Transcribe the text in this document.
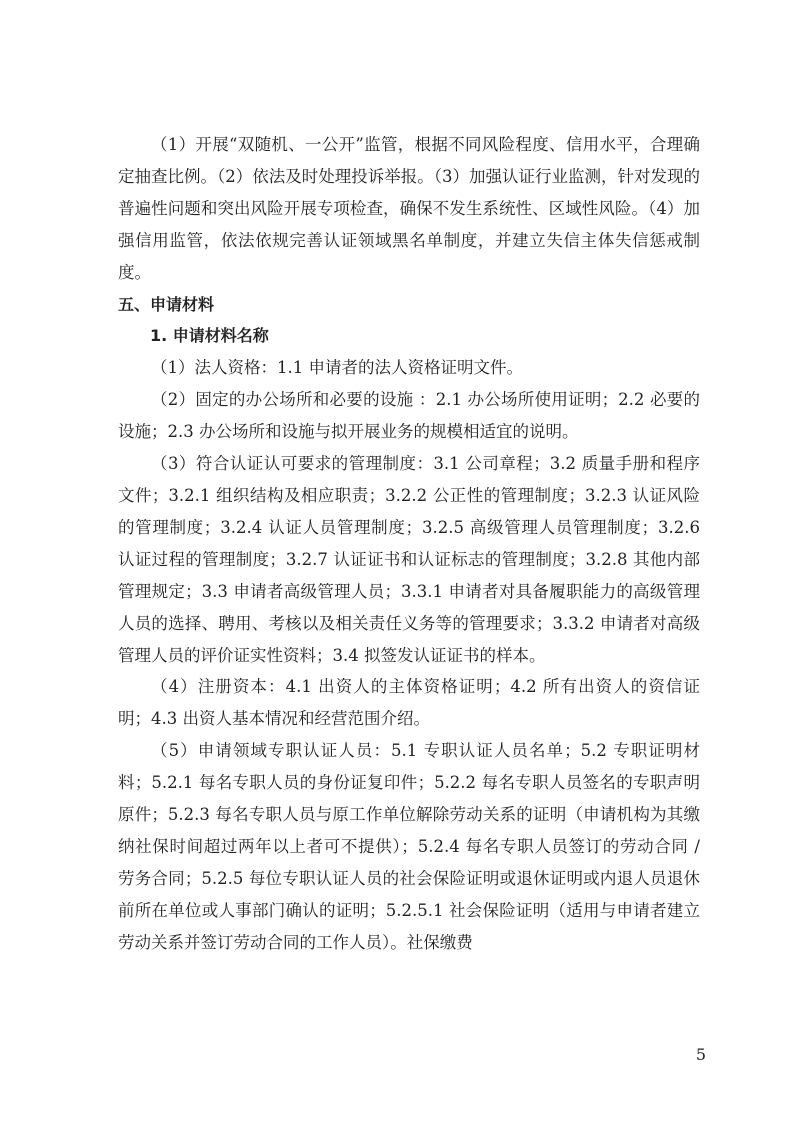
（1）开展“双随机、一公开”监管，根据不同风险程度、信用水平，合理确定抽查比例。（2）依法及时处理投诉举报。（3）加强认证行业监测，针对发现的普遍性问题和突出风险开展专项检查，确保不发生系统性、区域性风险。（4）加强信用监管，依法依规完善认证领域黑名单制度，并建立失信主体失信惩戒制度。

五、申请材料

1. 申请材料名称

（1）法人资格：1.1 申请者的法人资格证明文件。

（2）固定的办公场所和必要的设施 ：2.1 办公场所使用证明；2.2 必要的设施；2.3 办公场所和设施与拟开展业务的规模相适宜的说明。

（3）符合认证认可要求的管理制度：3.1 公司章程；3.2 质量手册和程序文件；3.2.1 组织结构及相应职责；3.2.2 公正性的管理制度；3.2.3 认证风险的管理制度；3.2.4 认证人员管理制度；3.2.5 高级管理人员管理制度；3.2.6 认证过程的管理制度；3.2.7 认证证书和认证标志的管理制度；3.2.8 其他内部管理规定；3.3 申请者高级管理人员；3.3.1 申请者对具备履职能力的高级管理人员的选择、聘用、考核以及相关责任义务等的管理要求；3.3.2 申请者对高级管理人员的评价证实性资料；3.4 拟签发认证证书的样本。

（4）注册资本：4.1 出资人的主体资格证明；4.2 所有出资人的资信证明；4.3 出资人基本情况和经营范围介绍。

（5）申请领域专职认证人员：5.1 专职认证人员名单；5.2 专职证明材料；5.2.1 每名专职人员的身份证复印件；5.2.2 每名专职人员签名的专职声明原件；5.2.3 每名专职人员与原工作单位解除劳动关系的证明（申请机构为其缴纳社保时间超过两年以上者可不提供）；5.2.4 每名专职人员签订的劳动合同 / 劳务合同；5.2.5 每位专职认证人员的社会保险证明或退休证明或内退人员退休前所在单位或人事部门确认的证明；5.2.5.1 社会保险证明（适用与申请者建立劳动关系并签订劳动合同的工作人员）。社保缴费

5
